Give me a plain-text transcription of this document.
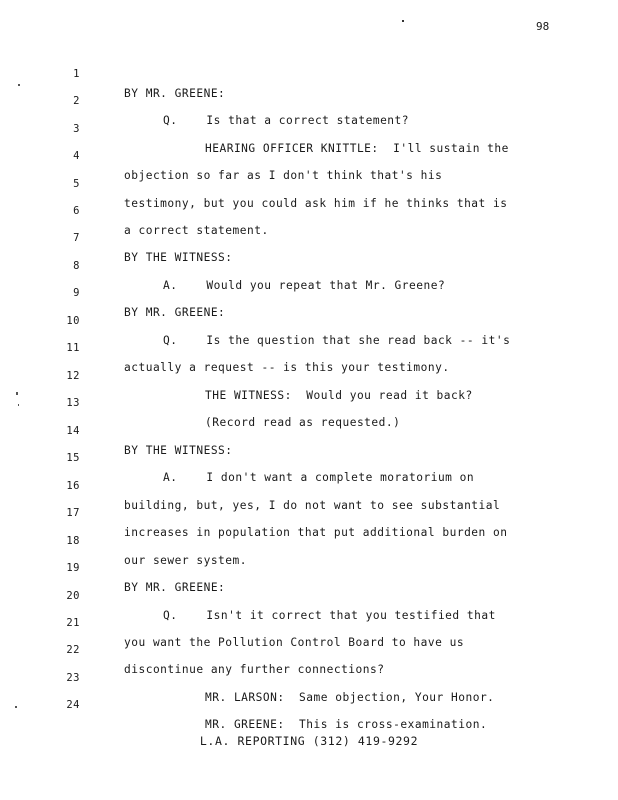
98

1

BY MR. GREENE:

2

Q.    Is that a correct statement?

3

HEARING OFFICER KNITTLE:  I'll sustain the

4

objection so far as I don't think that's his

5

testimony, but you could ask him if he thinks that is

6

a correct statement.

7

BY THE WITNESS:

8

A.    Would you repeat that Mr. Greene?

9

BY MR. GREENE:

10

Q.    Is the question that she read back -- it's

11

actually a request -- is this your testimony.

12

THE WITNESS:  Would you read it back?

13

(Record read as requested.)

14

BY THE WITNESS:

15

A.    I don't want a complete moratorium on

16

building, but, yes, I do not want to see substantial

17

increases in population that put additional burden on

18

our sewer system.

19

BY MR. GREENE:

20

Q.    Isn't it correct that you testified that

21

you want the Pollution Control Board to have us

22

discontinue any further connections?

23

MR. LARSON:  Same objection, Your Honor.

24

MR. GREENE:  This is cross-examination.

L.A. REPORTING (312) 419-9292
